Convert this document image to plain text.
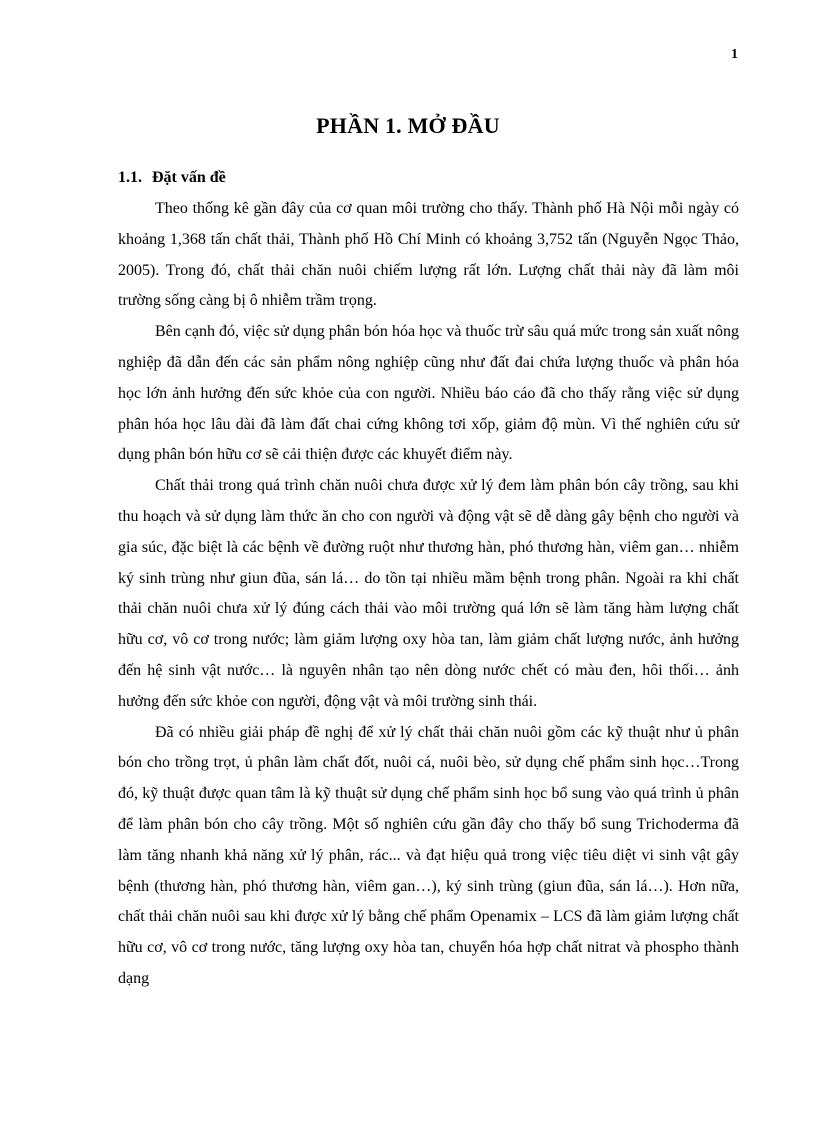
1
PHẦN 1. MỞ ĐẦU
1.1. Đặt vấn đề

Theo thống kê gần đây của cơ quan môi trường cho thấy. Thành phố Hà Nội mỗi ngày có khoảng 1,368 tấn chất thải, Thành phố Hồ Chí Minh có khoảng 3,752 tấn (Nguyễn Ngọc Thảo, 2005). Trong đó, chất thải chăn nuôi chiếm lượng rất lớn. Lượng chất thải này đã làm môi trường sống càng bị ô nhiễm trầm trọng.

Bên cạnh đó, việc sử dụng phân bón hóa học và thuốc trừ sâu quá mức trong sản xuất nông nghiệp đã dẫn đến các sản phẩm nông nghiệp cũng như đất đai chứa lượng thuốc và phân hóa học lớn ảnh hưởng đến sức khỏe của con người. Nhiều báo cáo đã cho thấy rằng việc sử dụng phân hóa học lâu dài đã làm đất chai cứng không tơi xốp, giảm độ mùn. Vì thế nghiên cứu sử dụng phân bón hữu cơ sẽ cải thiện được các khuyết điểm này.

Chất thải trong quá trình chăn nuôi chưa được xử lý đem làm phân bón cây trồng, sau khi thu hoạch và sử dụng làm thức ăn cho con người và động vật sẽ dễ dàng gây bệnh cho người và gia súc, đặc biệt là các bệnh về đường ruột như thương hàn, phó thương hàn, viêm gan… nhiễm ký sinh trùng như giun đũa, sán lá… do tồn tại nhiều mầm bệnh trong phân. Ngoài ra khi chất thải chăn nuôi chưa xử lý đúng cách thải vào môi trường quá lớn sẽ làm tăng hàm lượng chất hữu cơ, vô cơ trong nước; làm giảm lượng oxy hòa tan, làm giảm chất lượng nước, ảnh hưởng đến hệ sinh vật nước… là nguyên nhân tạo nên dòng nước chết có màu đen, hôi thối… ảnh hưởng đến sức khỏe con người, động vật và môi trường sinh thái.

Đã có nhiều giải pháp đề nghị để xử lý chất thải chăn nuôi gồm các kỹ thuật như ủ phân bón cho trồng trọt, ủ phân làm chất đốt, nuôi cá, nuôi bèo, sử dụng chế phẩm sinh học…Trong đó, kỹ thuật được quan tâm là kỹ thuật sử dụng chế phẩm sinh học bổ sung vào quá trình ủ phân để làm phân bón cho cây trồng. Một số nghiên cứu gần đây cho thấy bổ sung Trichoderma đã làm tăng nhanh khả năng xử lý phân, rác... và đạt hiệu quả trong việc tiêu diệt vi sinh vật gây bệnh (thương hàn, phó thương hàn, viêm gan…), ký sinh trùng (giun đũa, sán lá…). Hơn nữa, chất thải chăn nuôi sau khi được xử lý bằng chế phẩm Openamix – LCS đã làm giảm lượng chất hữu cơ, vô cơ trong nước, tăng lượng oxy hòa tan, chuyển hóa hợp chất nitrat và phospho thành dạng
